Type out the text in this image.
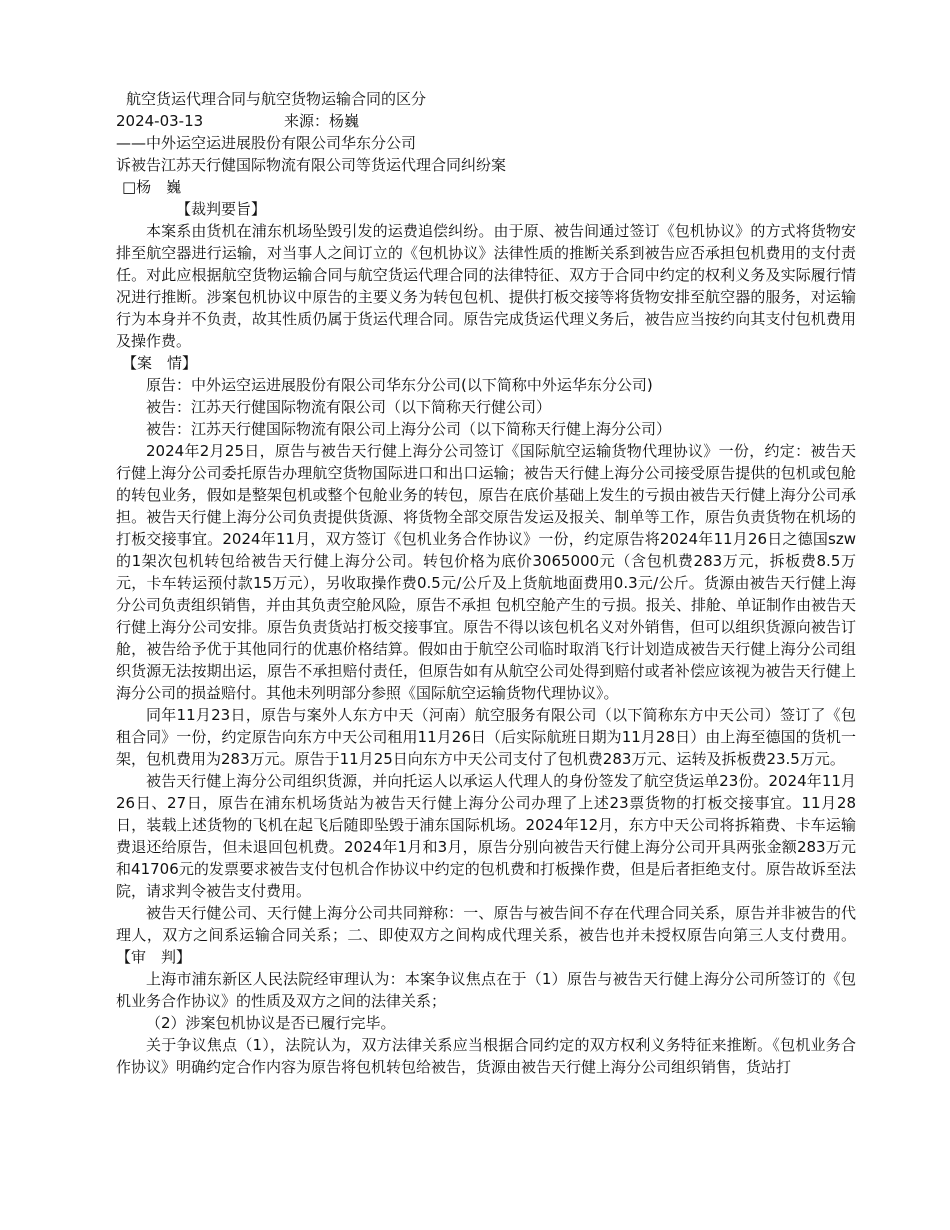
航空货运代理合同与航空货物运输合同的区分
2024-03-13	来源：杨巍
——中外运空运进展股份有限公司华东分公司
诉被告江苏天行健国际物流有限公司等货运代理合同纠纷案
□杨　巍
【裁判要旨】

本案系由货机在浦东机场坠毁引发的运费追偿纠纷。由于原、被告间通过签订《包机协议》的方式将货物安排至航空器进行运输，对当事人之间订立的《包机协议》法律性质的推断关系到被告应否承担包机费用的支付责任。对此应根据航空货物运输合同与航空货运代理合同的法律特征、双方于合同中约定的权利义务及实际履行情况进行推断。涉案包机协议中原告的主要义务为转包包机、提供打板交接等将货物安排至航空器的服务，对运输行为本身并不负责，故其性质仍属于货运代理合同。原告完成货运代理义务后，被告应当按约向其支付包机费用及操作费。

【案　情】
原告：中外运空运进展股份有限公司华东分公司(以下简称中外运华东分公司)
被告：江苏天行健国际物流有限公司（以下简称天行健公司）
被告：江苏天行健国际物流有限公司上海分公司（以下简称天行健上海分公司）

2024年2月25日，原告与被告天行健上海分公司签订《国际航空运输货物代理协议》一份，约定：被告天行健上海分公司委托原告办理航空货物国际进口和出口运输；被告天行健上海分公司接受原告提供的包机或包舱的转包业务，假如是整架包机或整个包舱业务的转包，原告在底价基础上发生的亏损由被告天行健上海分公司承担。被告天行健上海分公司负责提供货源、将货物全部交原告发运及报关、制单等工作，原告负责货物在机场的打板交接事宜。2024年11月，双方签订《包机业务合作协议》一份，约定原告将2024年11月26日之德国szw的1架次包机转包给被告天行健上海分公司。转包价格为底价3065000元（含包机费283万元，拆板费8.5万元，卡车转运预付款15万元），另收取操作费0.5元/公斤及上货航地面费用0.3元/公斤。货源由被告天行健上海分公司负责组织销售，并由其负责空舱风险，原告不承担 包机空舱产生的亏损。报关、排舱、单证制作由被告天行健上海分公司安排。原告负责货站打板交接事宜。原告不得以该包机名义对外销售，但可以组织货源向被告订舱，被告给予优于其他同行的优惠价格结算。假如由于航空公司临时取消飞行计划造成被告天行健上海分公司组织货源无法按期出运，原告不承担赔付责任，但原告如有从航空公司处得到赔付或者补偿应该视为被告天行健上海分公司的损益赔付。其他未列明部分参照《国际航空运输货物代理协议》。

同年11月23日，原告与案外人东方中天（河南）航空服务有限公司（以下简称东方中天公司）签订了《包租合同》一份，约定原告向东方中天公司租用11月26日（后实际航班日期为11月28日）由上海至德国的货机一架，包机费用为283万元。原告于11月25日向东方中天公司支付了包机费283万元、运转及拆板费23.5万元。

被告天行健上海分公司组织货源，并向托运人以承运人代理人的身份签发了航空货运单23份。2024年11月26日、27日，原告在浦东机场货站为被告天行健上海分公司办理了上述23票货物的打板交接事宜。11月28日，装载上述货物的飞机在起飞后随即坠毁于浦东国际机场。2024年12月，东方中天公司将拆箱费、卡车运输费退还给原告，但未退回包机费。2024年1月和3月，原告分别向被告天行健上海分公司开具两张金额283万元和41706元的发票要求被告支付包机合作协议中约定的包机费和打板操作费，但是后者拒绝支付。原告故诉至法院，请求判令被告支付费用。

被告天行健公司、天行健上海分公司共同辩称：一、原告与被告间不存在代理合同关系，原告并非被告的代理人，双方之间系运输合同关系；二、即使双方之间构成代理关系，被告也并未授权原告向第三人支付费用。【审　判】

上海市浦东新区人民法院经审理认为：本案争议焦点在于（1）原告与被告天行健上海分公司所签订的《包机业务合作协议》的性质及双方之间的法律关系；

（2）涉案包机协议是否已履行完毕。

关于争议焦点（1），法院认为，双方法律关系应当根据合同约定的双方权利义务特征来推断。《包机业务合作协议》明确约定合作内容为原告将包机转包给被告，货源由被告天行健上海分公司组织销售，货站打
